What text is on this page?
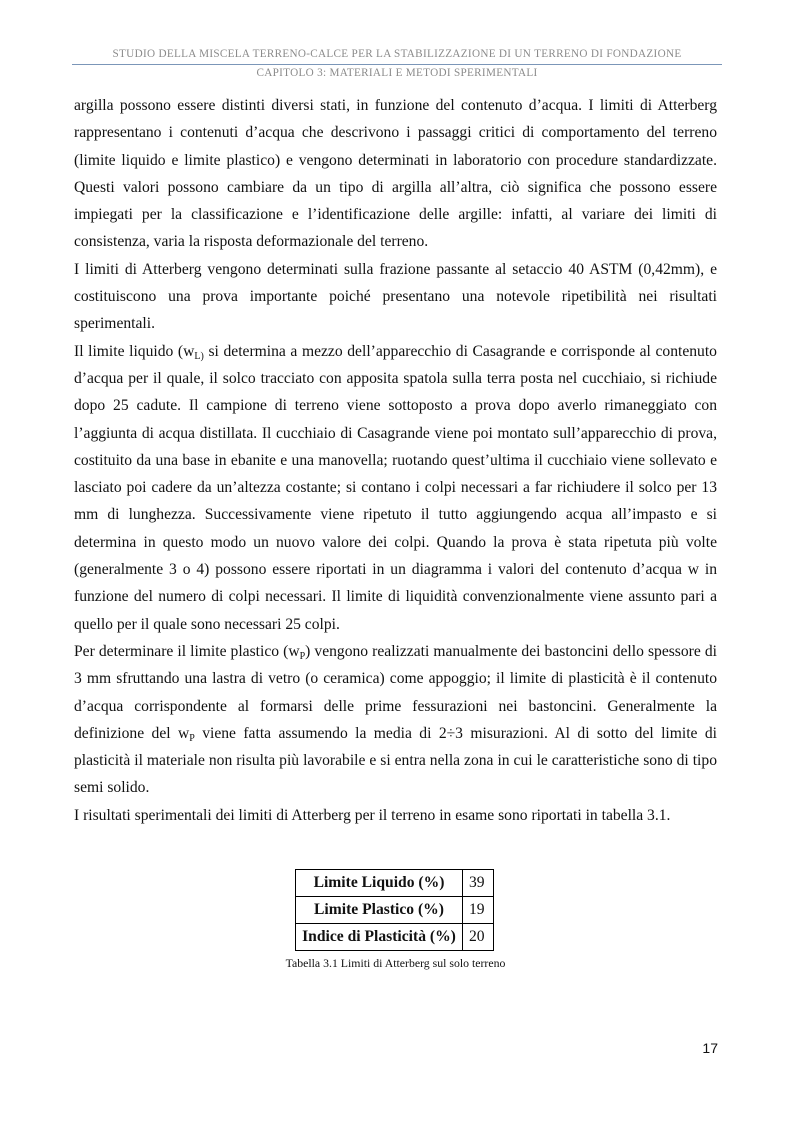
STUDIO DELLA MISCELA TERRENO-CALCE PER LA STABILIZZAZIONE DI UN TERRENO DI FONDAZIONE
CAPITOLO 3: MATERIALI E METODI SPERIMENTALI

argilla possono essere distinti diversi stati, in funzione del contenuto d’acqua. I limiti di Atterberg rappresentano i contenuti d’acqua che descrivono i passaggi critici di comportamento del terreno (limite liquido e limite plastico) e vengono determinati in laboratorio con procedure standardizzate. Questi valori possono cambiare da un tipo di argilla all’altra, ciò significa che possono essere impiegati per la classificazione e l’identificazione delle argille: infatti, al variare dei limiti di consistenza, varia la risposta deformazionale del terreno.

I limiti di Atterberg vengono determinati sulla frazione passante al setaccio 40 ASTM (0,42mm), e costituiscono una prova importante poiché presentano una notevole ripetibilità nei risultati sperimentali.

Il limite liquido ($w_{L)}$ si determina a mezzo dell’apparecchio di Casagrande e corrisponde al contenuto d’acqua per il quale, il solco tracciato con apposita spatola sulla terra posta nel cucchiaio, si richiude dopo 25 cadute. Il campione di terreno viene sottoposto a prova dopo averlo rimaneggiato con l’aggiunta di acqua distillata. Il cucchiaio di Casagrande viene poi montato sull’apparecchio di prova, costituito da una base in ebanite e una manovella; ruotando quest’ultima il cucchiaio viene sollevato e lasciato poi cadere da un’altezza costante; si contano i colpi necessari a far richiudere il solco per 13 mm di lunghezza. Successivamente viene ripetuto il tutto aggiungendo acqua all’impasto e si determina in questo modo un nuovo valore dei colpi. Quando la prova è stata ripetuta più volte (generalmente 3 o 4) possono essere riportati in un diagramma i valori del contenuto d’acqua w in funzione del numero di colpi necessari. Il limite di liquidità convenzionalmente viene assunto pari a quello per il quale sono necessari 25 colpi.

Per determinare il limite plastico $(w_P)$ vengono realizzati manualmente dei bastoncini dello spessore di 3 mm sfruttando una lastra di vetro (o ceramica) come appoggio; il limite di plasticità è il contenuto d’acqua corrispondente al formarsi delle prime fessurazioni nei bastoncini. Generalmente la definizione del $w_P$ viene fatta assumendo la media di 2÷3 misurazioni. Al di sotto del limite di plasticità il materiale non risulta più lavorabile e si entra nella zona in cui le caratteristiche sono di tipo semi solido.

I risultati sperimentali dei limiti di Atterberg per il terreno in esame sono riportati in tabella 3.1.

Limite Liquido (%)	39
Limite Plastico (%)	19
Indice di Plasticità (%)	20
Tabella 3.1 Limiti di Atterberg sul solo terreno
17
